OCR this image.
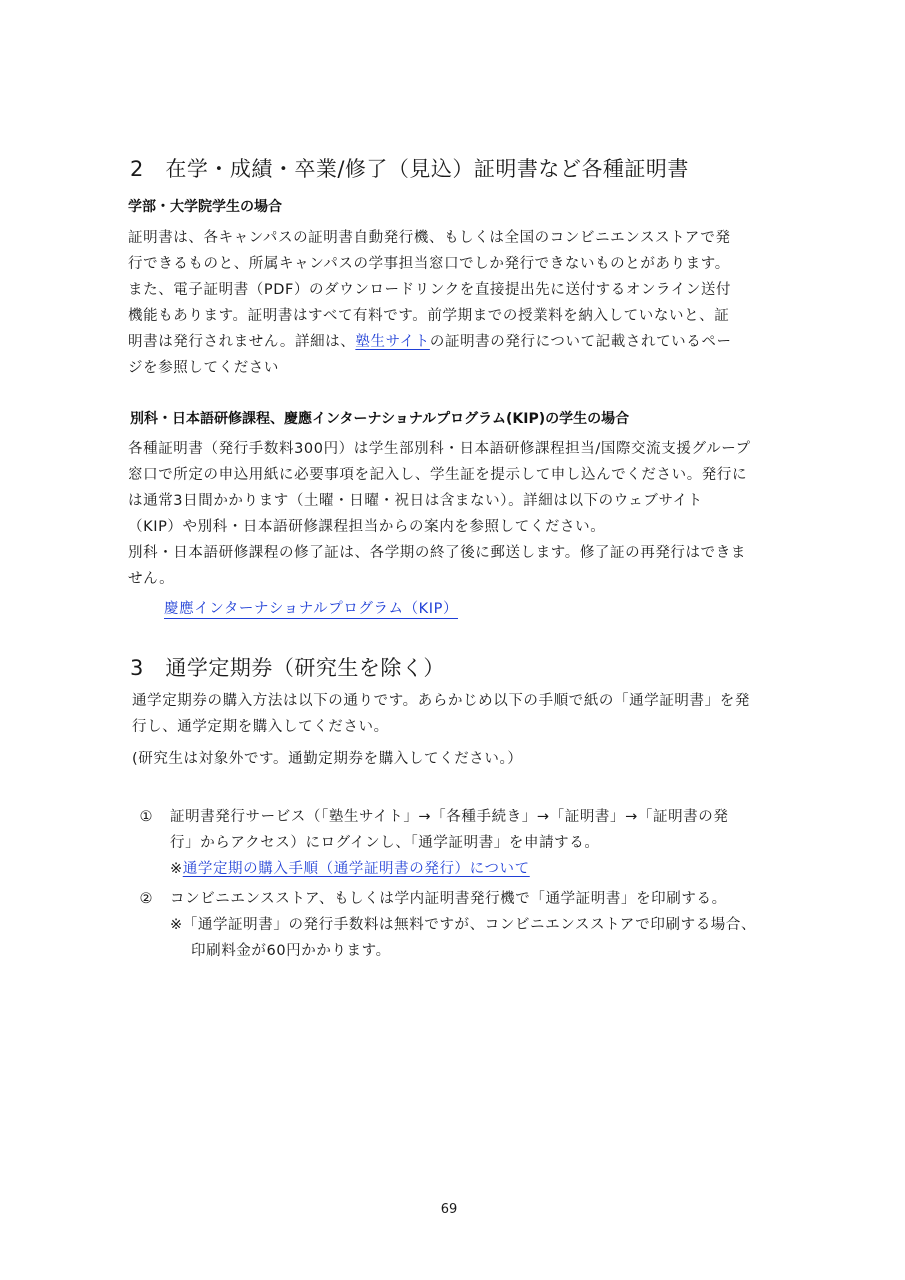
2　在学・成績・卒業/修了（見込）証明書など各種証明書
学部・大学院学生の場合
証明書は、各キャンパスの証明書自動発行機、もしくは全国のコンビニエンスストアで発
行できるものと、所属キャンパスの学事担当窓口でしか発行できないものとがあります。
また、電子証明書（PDF）のダウンロードリンクを直接提出先に送付するオンライン送付
機能もあります。証明書はすべて有料です。前学期までの授業料を納入していないと、証
明書は発行されません。詳細は、塾生サイトの証明書の発行について記載されているペー
ジを参照してください
別科・日本語研修課程、慶應インターナショナルプログラム(KIP)の学生の場合
各種証明書（発行手数料300円）は学生部別科・日本語研修課程担当/国際交流支援グループ
窓口で所定の申込用紙に必要事項を記入し、学生証を提示して申し込んでください。発行に
は通常3日間かかります（土曜・日曜・祝日は含まない）。詳細は以下のウェブサイト
（KIP）や別科・日本語研修課程担当からの案内を参照してください。
別科・日本語研修課程の修了証は、各学期の終了後に郵送します。修了証の再発行はできま
せん。
慶應インターナショナルプログラム（KIP）
3　通学定期券（研究生を除く）
通学定期券の購入方法は以下の通りです。あらかじめ以下の手順で紙の「通学証明書」を発
行し、通学定期を購入してください。
(研究生は対象外です。通勤定期券を購入してください。）
①	証明書発行サービス（「塾生サイト」→「各種手続き」→「証明書」→「証明書の発
行」からアクセス）にログインし、「通学証明書」を申請する。
※通学定期の購入手順（通学証明書の発行）について
②	コンビニエンスストア、もしくは学内証明書発行機で「通学証明書」を印刷する。
※「通学証明書」の発行手数料は無料ですが、コンビニエンスストアで印刷する場合、
印刷料金が60円かかります。
69
